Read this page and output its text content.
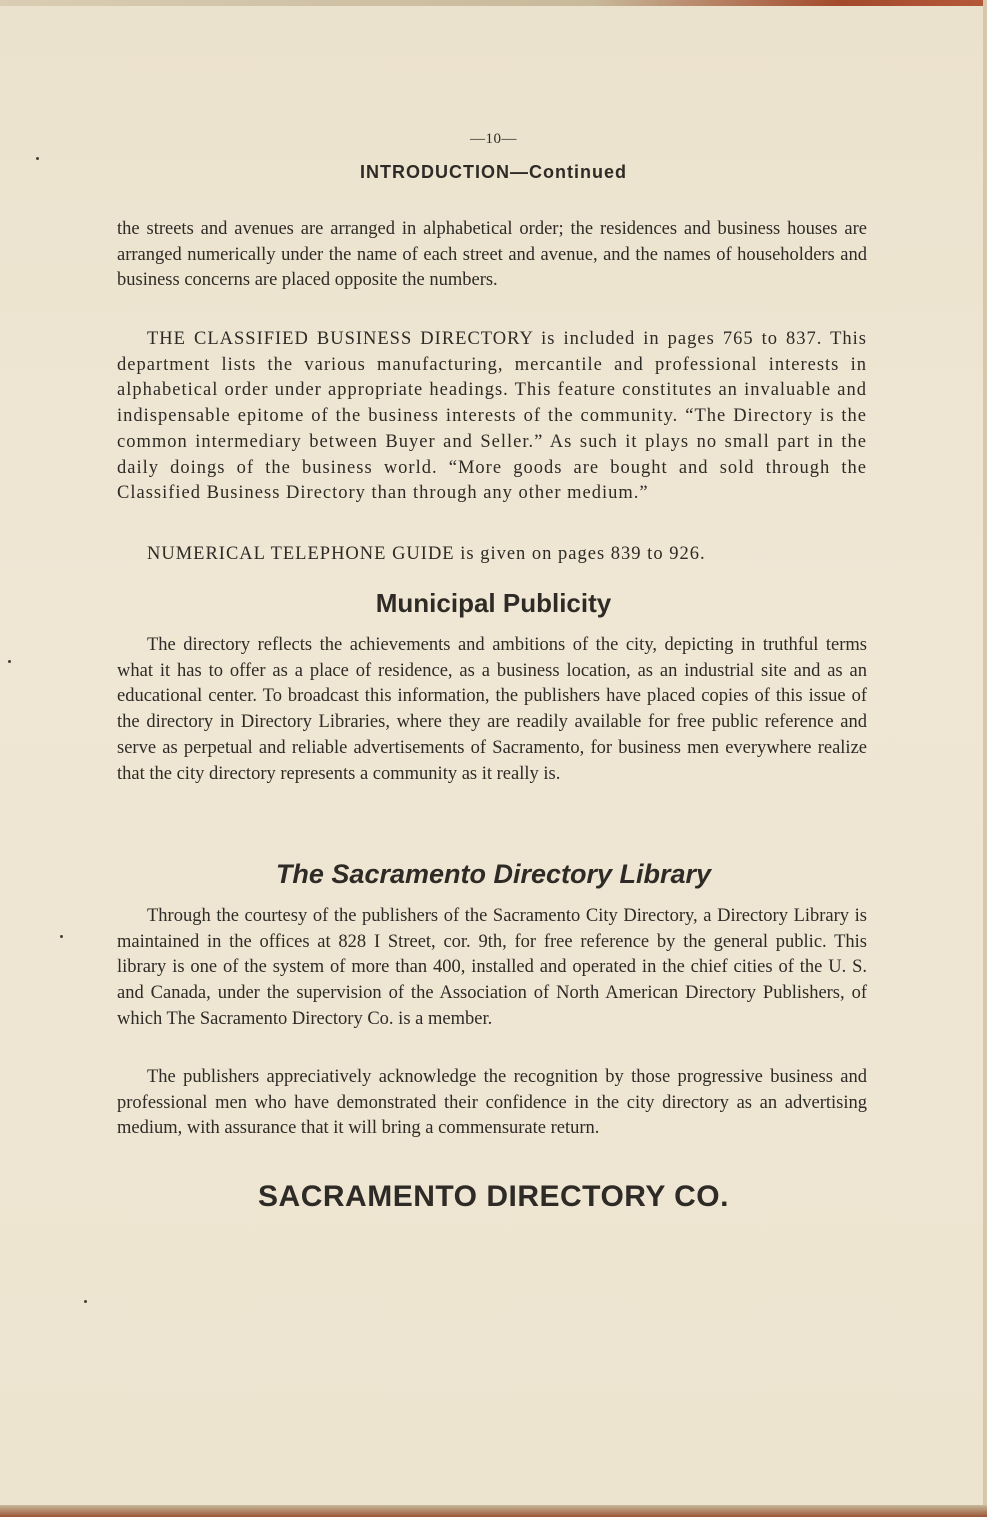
—10—
INTRODUCTION—Continued

the streets and avenues are arranged in alphabetical order; the residences and business houses are arranged numerically under the name of each street and avenue, and the names of householders and business concerns are placed opposite the numbers.

THE CLASSIFIED BUSINESS DIRECTORY is included in pages 765 to 837. This department lists the various manufacturing, mercantile and professional interests in alphabetical order under appropriate headings. This feature constitutes an invaluable and indispensable epitome of the business interests of the community. “The Directory is the common intermediary between Buyer and Seller.” As such it plays no small part in the daily doings of the business world. “More goods are bought and sold through the Classified Business Directory than through any other medium.”

NUMERICAL TELEPHONE GUIDE is given on pages 839 to 926.

Municipal Publicity

The directory reflects the achievements and ambitions of the city, depicting in truthful terms what it has to offer as a place of residence, as a business location, as an industrial site and as an educational center. To broadcast this information, the publishers have placed copies of this issue of the directory in Directory Libraries, where they are readily available for free public reference and serve as perpetual and reliable advertisements of Sacramento, for business men everywhere realize that the city directory represents a community as it really is.

The Sacramento Directory Library

Through the courtesy of the publishers of the Sacramento City Directory, a Directory Library is maintained in the offices at 828 I Street, cor. 9th, for free reference by the general public. This library is one of the system of more than 400, installed and operated in the chief cities of the U. S. and Canada, under the supervision of the Association of North American Directory Publishers, of which The Sacramento Directory Co. is a member.

The publishers appreciatively acknowledge the recognition by those progressive business and professional men who have demonstrated their confidence in the city directory as an advertising medium, with assurance that it will bring a commensurate return.

SACRAMENTO DIRECTORY CO.
